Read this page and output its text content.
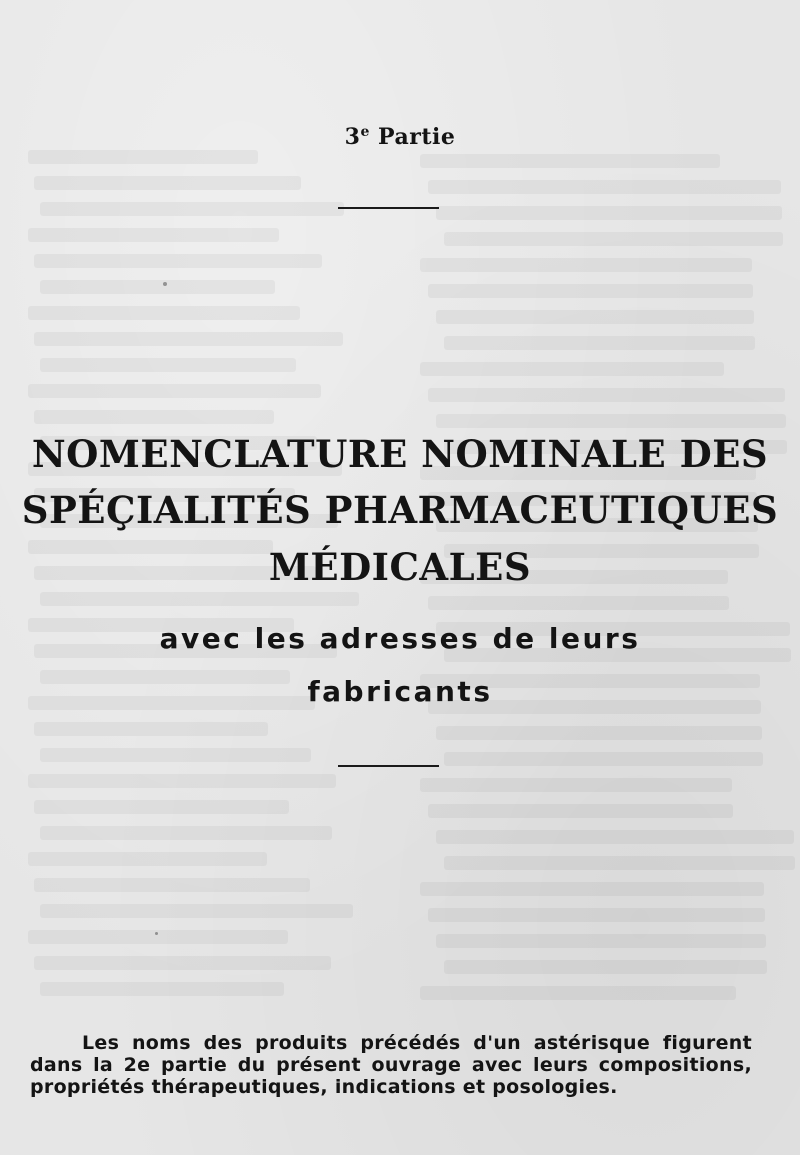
3e Partie
NOMENCLATURE NOMINALE DES
SPÉÇIALITÉS PHARMACEUTIQUES
MÉDICALES
avec les adresses de leurs
fabricants
Les noms des produits précédés d'un astérisque figurent dans la 2e partie du présent ouvrage avec leurs compositions, propriétés thérapeutiques, indications et posologies.
